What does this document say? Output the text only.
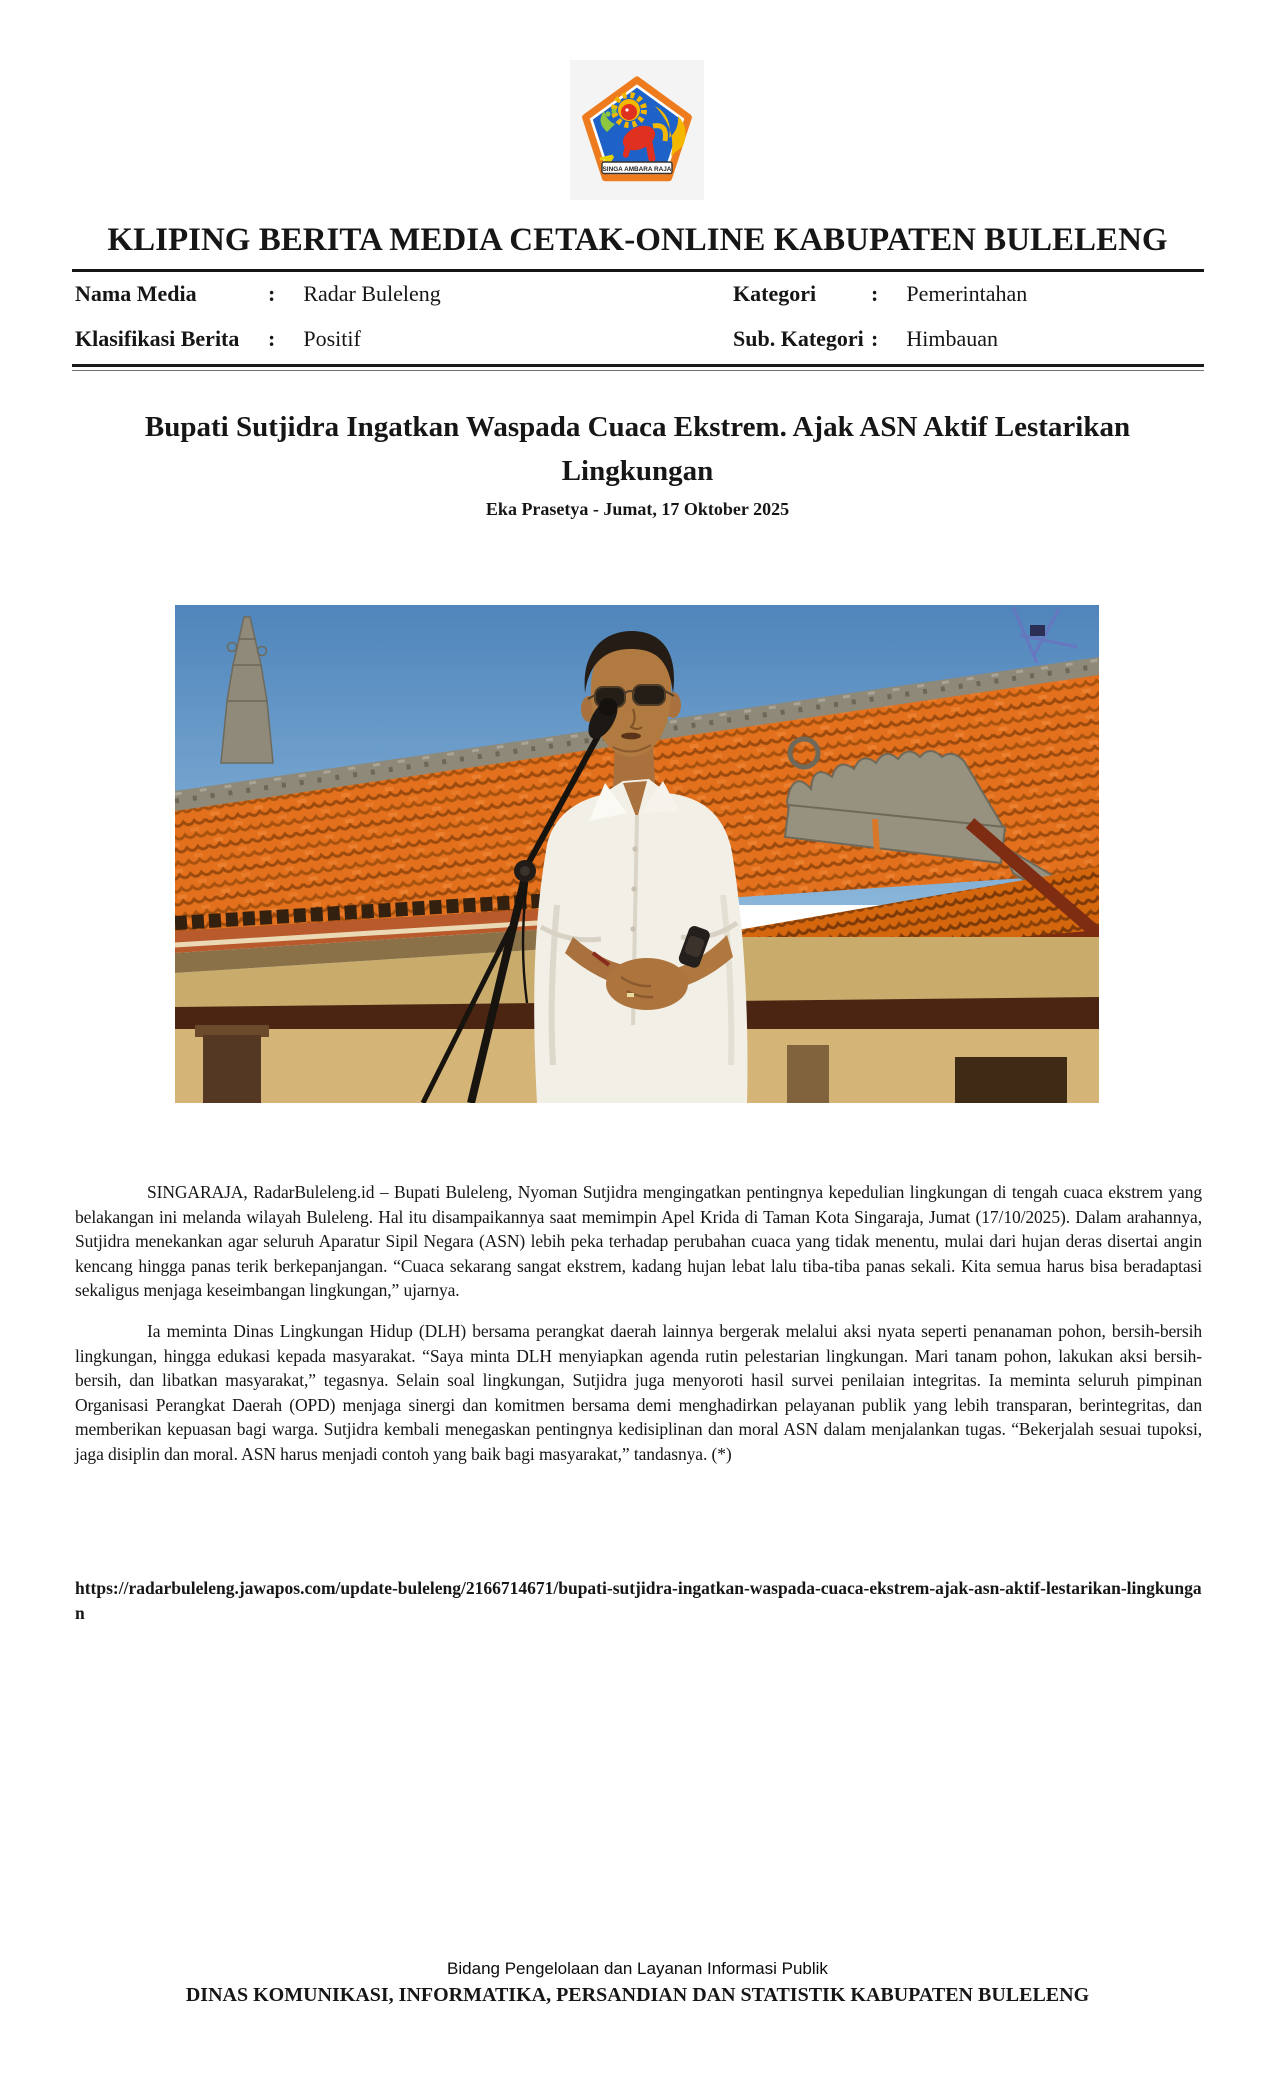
SINGA AMBARA RAJA
KLIPING BERITA MEDIA CETAK-ONLINE KABUPATEN BULELENG
Nama Media	: Radar Buleleng	Kategori	: Pemerintahan
Klasifikasi Berita	: Positif	Sub. Kategori : Himbauan
Bupati Sutjidra Ingatkan Waspada Cuaca Ekstrem. Ajak ASN Aktif Lestarikan Lingkungan
Eka Prasetya - Jumat, 17 Oktober 2025

SINGARAJA, RadarBuleleng.id – Bupati Buleleng, Nyoman Sutjidra mengingatkan pentingnya kepedulian lingkungan di tengah cuaca ekstrem yang belakangan ini melanda wilayah Buleleng. Hal itu disampaikannya saat memimpin Apel Krida di Taman Kota Singaraja, Jumat (17/10/2025). Dalam arahannya, Sutjidra menekankan agar seluruh Aparatur Sipil Negara (ASN) lebih peka terhadap perubahan cuaca yang tidak menentu, mulai dari hujan deras disertai angin kencang hingga panas terik berkepanjangan. “Cuaca sekarang sangat ekstrem, kadang hujan lebat lalu tiba-tiba panas sekali. Kita semua harus bisa beradaptasi sekaligus menjaga keseimbangan lingkungan,” ujarnya.

Ia meminta Dinas Lingkungan Hidup (DLH) bersama perangkat daerah lainnya bergerak melalui aksi nyata seperti penanaman pohon, bersih-bersih lingkungan, hingga edukasi kepada masyarakat. “Saya minta DLH menyiapkan agenda rutin pelestarian lingkungan. Mari tanam pohon, lakukan aksi bersih-bersih, dan libatkan masyarakat,” tegasnya. Selain soal lingkungan, Sutjidra juga menyoroti hasil survei penilaian integritas. Ia meminta seluruh pimpinan Organisasi Perangkat Daerah (OPD) menjaga sinergi dan komitmen bersama demi menghadirkan pelayanan publik yang lebih transparan, berintegritas, dan memberikan kepuasan bagi warga. Sutjidra kembali menegaskan pentingnya kedisiplinan dan moral ASN dalam menjalankan tugas. “Bekerjalah sesuai tupoksi, jaga disiplin dan moral. ASN harus menjadi contoh yang baik bagi masyarakat,” tandasnya. (*)

https://radarbuleleng.jawapos.com/update-buleleng/2166714671/bupati-sutjidra-ingatkan-waspada-cuaca-ekstrem-ajak-asn-aktif-lestarikan-lingkungan
Bidang Pengelolaan dan Layanan Informasi Publik
DINAS KOMUNIKASI, INFORMATIKA, PERSANDIAN DAN STATISTIK KABUPATEN BULELENG
